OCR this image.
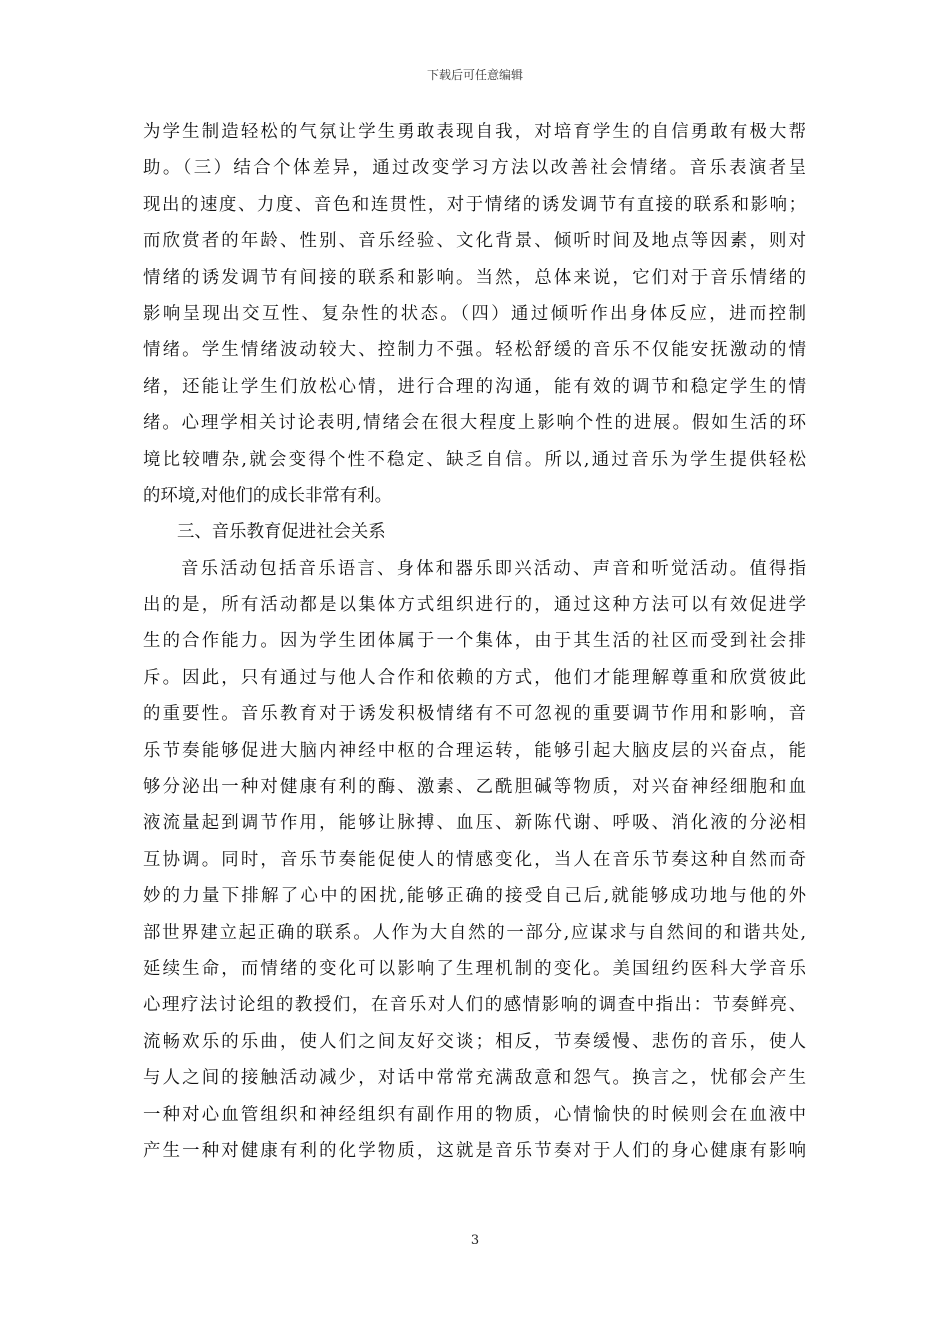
下载后可任意编辑
为学生制造轻松的气氛让学生勇敢表现自我，对培育学生的自信勇敢有极大帮
助。（三）结合个体差异，通过改变学习方法以改善社会情绪。音乐表演者呈
现出的速度、力度、音色和连贯性，对于情绪的诱发调节有直接的联系和影响；
而欣赏者的年龄、性别、音乐经验、文化背景、倾听时间及地点等因素，则对
情绪的诱发调节有间接的联系和影响。当然，总体来说，它们对于音乐情绪的
影响呈现出交互性、复杂性的状态。（四）通过倾听作出身体反应，进而控制
情绪。学生情绪波动较大、控制力不强。轻松舒缓的音乐不仅能安抚激动的情
绪，还能让学生们放松心情，进行合理的沟通，能有效的调节和稳定学生的情
绪。心理学相关讨论表明,情绪会在很大程度上影响个性的进展。假如生活的环
境比较嘈杂,就会变得个性不稳定、缺乏自信。所以,通过音乐为学生提供轻松
的环境,对他们的成长非常有利。
三、音乐教育促进社会关系
音乐活动包括音乐语言、身体和器乐即兴活动、声音和听觉活动。值得指
出的是，所有活动都是以集体方式组织进行的，通过这种方法可以有效促进学
生的合作能力。因为学生团体属于一个集体，由于其生活的社区而受到社会排
斥。因此，只有通过与他人合作和依赖的方式，他们才能理解尊重和欣赏彼此
的重要性。音乐教育对于诱发积极情绪有不可忽视的重要调节作用和影响，音
乐节奏能够促进大脑内神经中枢的合理运转，能够引起大脑皮层的兴奋点，能
够分泌出一种对健康有利的酶、激素、乙酰胆碱等物质，对兴奋神经细胞和血
液流量起到调节作用，能够让脉搏、血压、新陈代谢、呼吸、消化液的分泌相
互协调。同时，音乐节奏能促使人的情感变化，当人在音乐节奏这种自然而奇
妙的力量下排解了心中的困扰,能够正确的接受自己后,就能够成功地与他的外
部世界建立起正确的联系。人作为大自然的一部分,应谋求与自然间的和谐共处,
延续生命，而情绪的变化可以影响了生理机制的变化。美国纽约医科大学音乐
心理疗法讨论组的教授们，在音乐对人们的感情影响的调查中指出：节奏鲜亮、
流畅欢乐的乐曲，使人们之间友好交谈；相反，节奏缓慢、悲伤的音乐，使人
与人之间的接触活动减少，对话中常常充满敌意和怨气。换言之，忧郁会产生
一种对心血管组织和神经组织有副作用的物质，心情愉快的时候则会在血液中
产生一种对健康有利的化学物质，这就是音乐节奏对于人们的身心健康有影响
3
